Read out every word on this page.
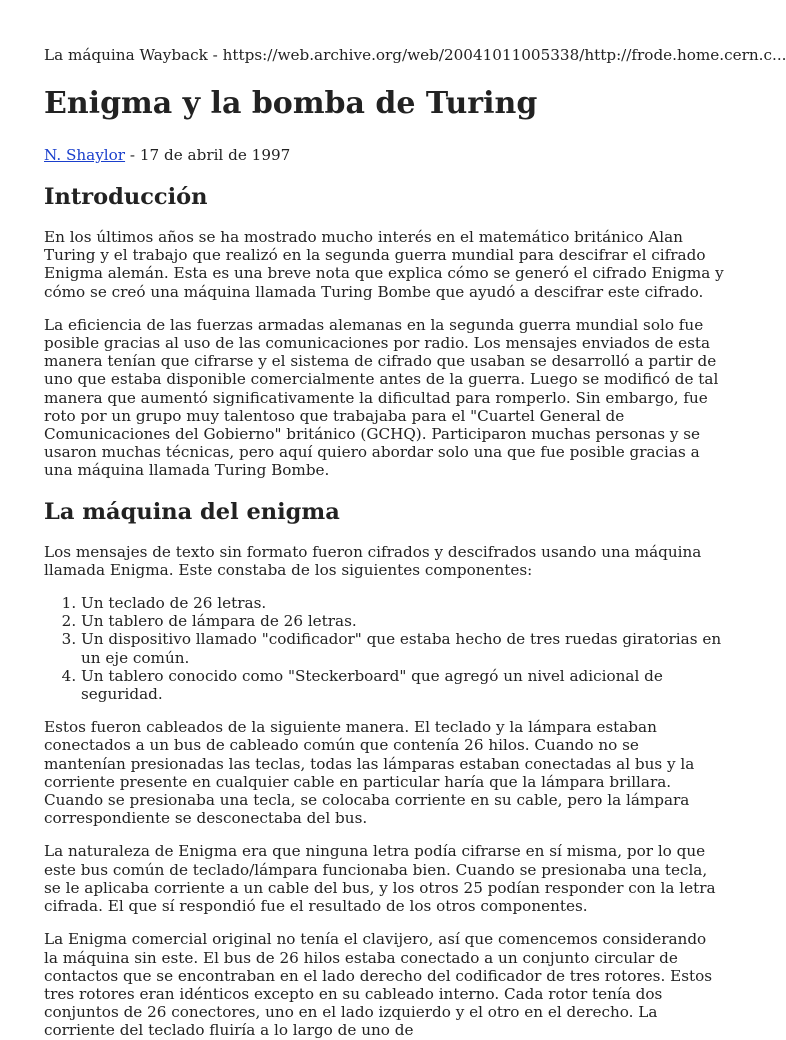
La máquina Wayback - https://web.archive.org/web/20041011005338/http://frode.home.cern.c...
Enigma y la bomba de Turing
N. Shaylor - 17 de abril de 1997
Introducción

En los últimos años se ha mostrado mucho interés en el matemático británico Alan Turing y el trabajo que realizó en la segunda guerra mundial para descifrar el cifrado Enigma alemán. Esta es una breve nota que explica cómo se generó el cifrado Enigma y cómo se creó una máquina llamada Turing Bombe que ayudó a descifrar este cifrado.

La eficiencia de las fuerzas armadas alemanas en la segunda guerra mundial solo fue posible gracias al uso de las comunicaciones por radio. Los mensajes enviados de esta manera tenían que cifrarse y el sistema de cifrado que usaban se desarrolló a partir de uno que estaba disponible comercialmente antes de la guerra. Luego se modificó de tal manera que aumentó significativamente la dificultad para romperlo. Sin embargo, fue roto por un grupo muy talentoso que trabajaba para el "Cuartel General de Comunicaciones del Gobierno" británico (GCHQ). Participaron muchas personas y se usaron muchas técnicas, pero aquí quiero abordar solo una que fue posible gracias a una máquina llamada Turing Bombe.

La máquina del enigma

Los mensajes de texto sin formato fueron cifrados y descifrados usando una máquina llamada Enigma. Este constaba de los siguientes componentes:

1. Un teclado de 26 letras.
2. Un tablero de lámpara de 26 letras.
3. Un dispositivo llamado "codificador" que estaba hecho de tres ruedas giratorias en un eje común.
4. Un tablero conocido como "Steckerboard" que agregó un nivel adicional de seguridad.

Estos fueron cableados de la siguiente manera. El teclado y la lámpara estaban conectados a un bus de cableado común que contenía 26 hilos. Cuando no se mantenían presionadas las teclas, todas las lámparas estaban conectadas al bus y la corriente presente en cualquier cable en particular haría que la lámpara brillara. Cuando se presionaba una tecla, se colocaba corriente en su cable, pero la lámpara correspondiente se desconectaba del bus.

La naturaleza de Enigma era que ninguna letra podía cifrarse en sí misma, por lo que este bus común de teclado/lámpara funcionaba bien. Cuando se presionaba una tecla, se le aplicaba corriente a un cable del bus, y los otros 25 podían responder con la letra cifrada. El que sí respondió fue el resultado de los otros componentes.

La Enigma comercial original no tenía el clavijero, así que comencemos considerando la máquina sin este. El bus de 26 hilos estaba conectado a un conjunto circular de contactos que se encontraban en el lado derecho del codificador de tres rotores. Estos tres rotores eran idénticos excepto en su cableado interno. Cada rotor tenía dos conjuntos de 26 conectores, uno en el lado izquierdo y el otro en el derecho. La corriente del teclado fluiría a lo largo de uno de
